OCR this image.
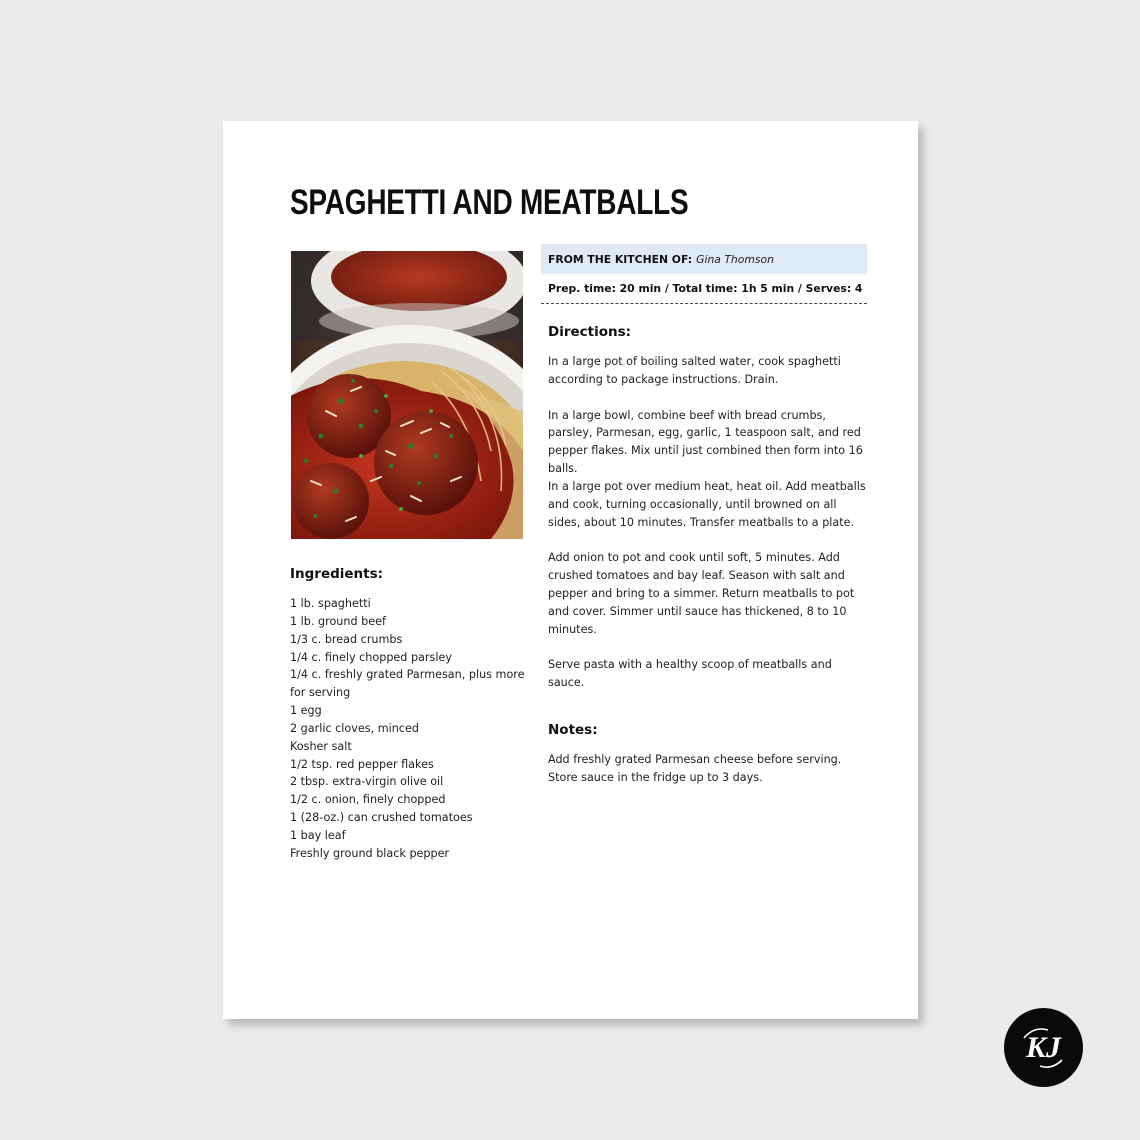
SPAGHETTI AND MEATBALLS
Ingredients:
1 lb. spaghetti
1 lb. ground beef
1/3 c. bread crumbs
1/4 c. finely chopped parsley
1/4 c. freshly grated Parmesan, plus more for serving
1 egg
2 garlic cloves, minced
Kosher salt
1/2 tsp. red pepper flakes
2 tbsp. extra-virgin olive oil
1/2 c. onion, finely chopped
1 (28-oz.) can crushed tomatoes
1 bay leaf
Freshly ground black pepper
FROM THE KITCHEN OF: Gina Thomson
Prep. time: 20 min / Total time: 1h 5 min / Serves: 4
Directions:

In a large pot of boiling salted water, cook spaghetti according to package instructions. Drain.

In a large bowl, combine beef with bread crumbs, parsley, Parmesan, egg, garlic, 1 teaspoon salt, and red pepper flakes. Mix until just combined then form into 16 balls.

In a large pot over medium heat, heat oil. Add meatballs and cook, turning occasionally, until browned on all sides, about 10 minutes. Transfer meatballs to a plate.

Add onion to pot and cook until soft, 5 minutes. Add crushed tomatoes and bay leaf. Season with salt and pepper and bring to a simmer. Return meatballs to pot and cover. Simmer until sauce has thickened, 8 to 10 minutes.

Serve pasta with a healthy scoop of meatballs and sauce.

Notes:

Add freshly grated Parmesan cheese before serving.

Store sauce in the fridge up to 3 days.

KJ
